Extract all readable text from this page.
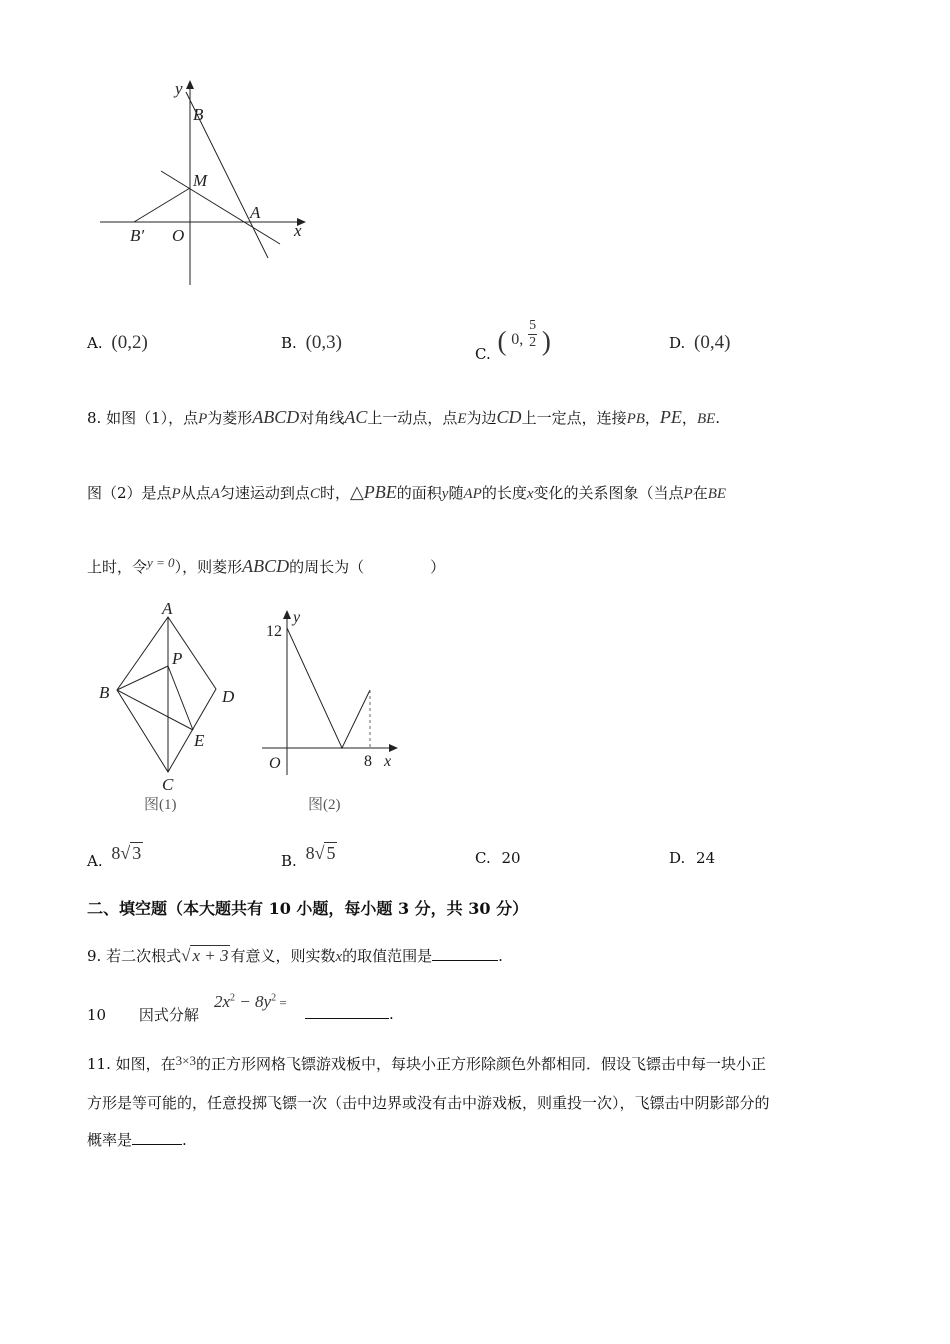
y
B
M
A
B′ O	x
A. (0,2)	B. (0,3)
C. ( 0, $\frac{5}{2}$ )	D. (0,4)
8. 如图（1），点P为菱形ABCD对角线AC上一动点，点E为边CD上一定点，连接PB，PE，BE.
图（2）是点P从点A匀速运动到点C时，△PBE的面积y随AP的长度x变化的关系图象（当点P在BE
上时，令y = 0），则菱形ABCD的周长为（	）
A
P
B	D
E
C
图(1)
y
12
O	8 x
图(2)
A. 8√ 3	B. 8√ 5	C. 20	D. 24
二、填空题（本大题共有 10 小题，每小题 3 分，共 30 分）
9. 若二次根式√ x + 3 有意义，则实数x的取值范围是	.
10 因式分解
$2x^2 - 8y^2$ =
.
11. 如图，在3×3的正方形网格飞镖游戏板中，每块小正方形除颜色外都相同．假设飞镖击中每一块小正
方形是等可能的，任意投掷飞镖一次（击中边界或没有击中游戏板，则重投一次），飞镖击中阴影部分的
概率是	.
